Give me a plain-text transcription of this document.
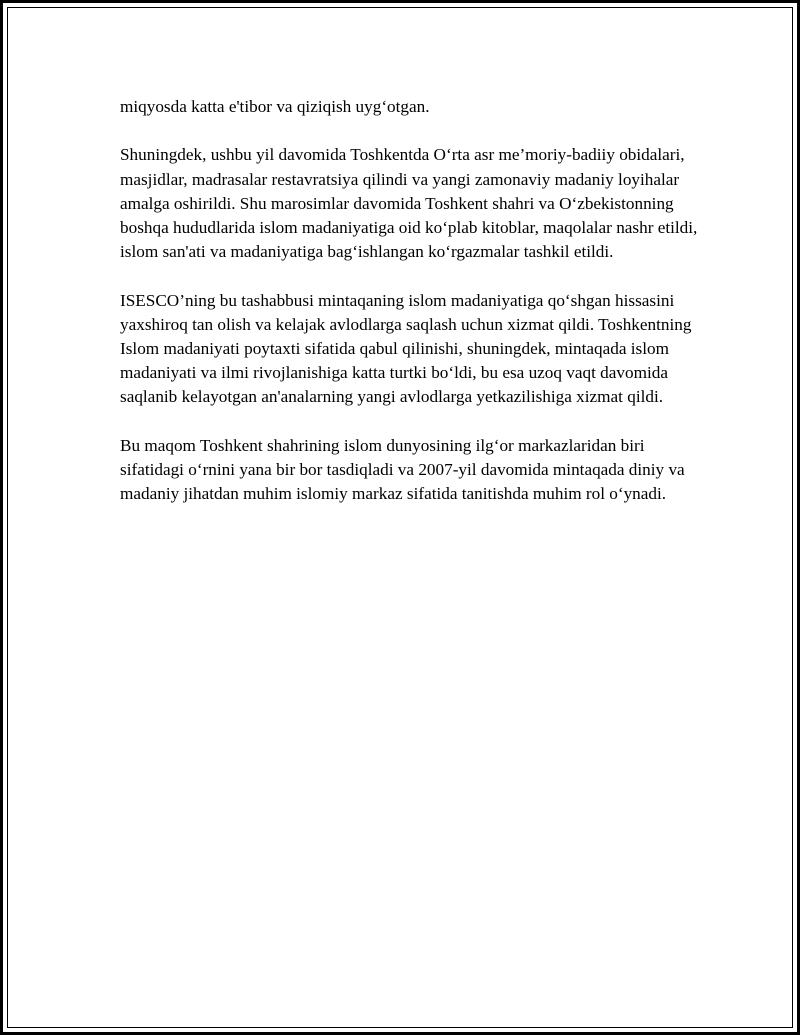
miqyosda katta e'tibor va qiziqish uyg‘otgan.

Shuningdek, ushbu yil davomida Toshkentda O‘rta asr me’moriy-badiiy obidalari, masjidlar, madrasalar restavratsiya qilindi va yangi zamonaviy madaniy loyihalar amalga oshirildi. Shu marosimlar davomida Toshkent shahri va O‘zbekistonning boshqa hududlarida islom madaniyatiga oid ko‘plab kitoblar, maqolalar nashr etildi, islom san'ati va madaniyatiga bag‘ishlangan ko‘rgazmalar tashkil etildi.

ISESCO’ning bu tashabbusi mintaqaning islom madaniyatiga qo‘shgan hissasini yaxshiroq tan olish va kelajak avlodlarga saqlash uchun xizmat qildi. Toshkentning Islom madaniyati poytaxti sifatida qabul qilinishi, shuningdek, mintaqada islom madaniyati va ilmi rivojlanishiga katta turtki bo‘ldi, bu esa uzoq vaqt davomida saqlanib kelayotgan an'analarning yangi avlodlarga yetkazilishiga xizmat qildi.

Bu maqom Toshkent shahrining islom dunyosining ilg‘or markazlaridan biri sifatidagi o‘rnini yana bir bor tasdiqladi va 2007-yil davomida mintaqada diniy va madaniy jihatdan muhim islomiy markaz sifatida tanitishda muhim rol o‘ynadi.
